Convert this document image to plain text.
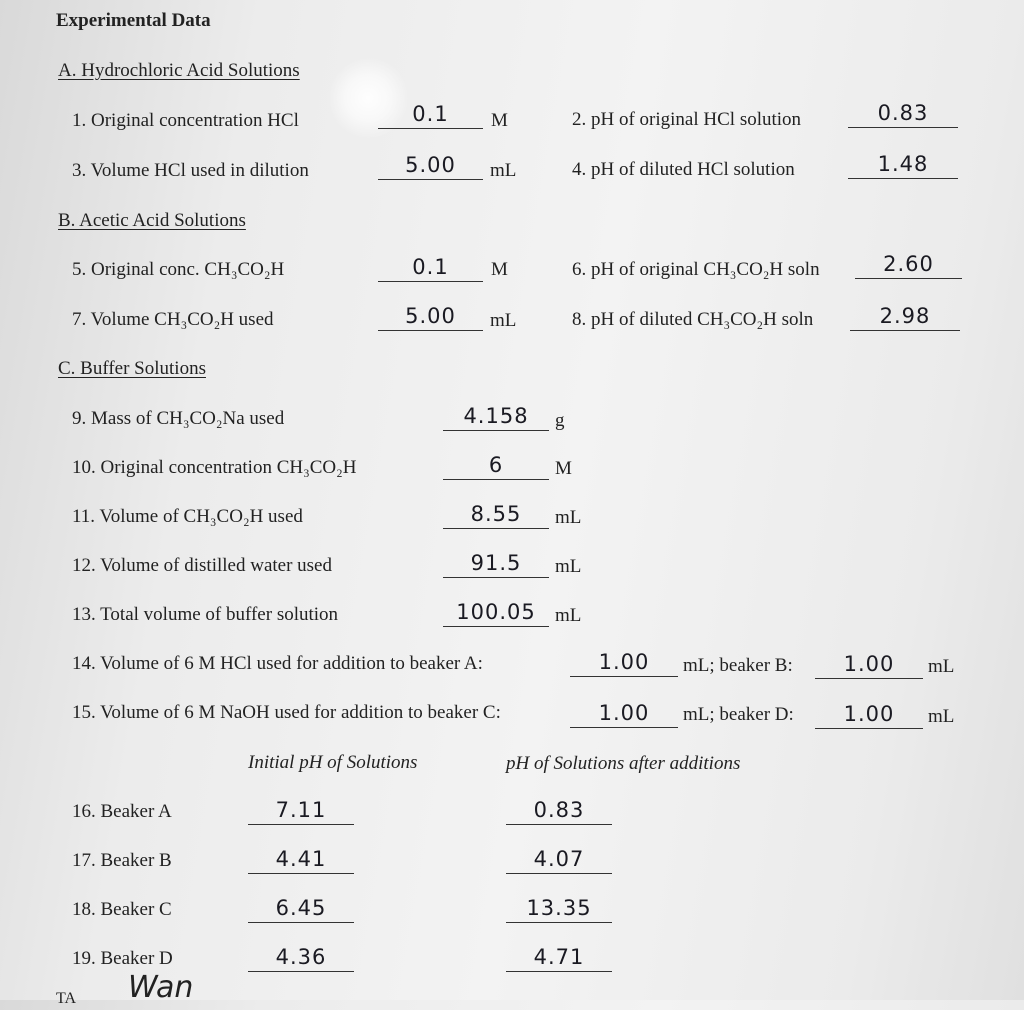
Experimental Data
A. Hydrochloric Acid Solutions
1. Original concentration HCl	0.1	M	2. pH of original HCl solution	0.83
3. Volume HCl used in dilution	5.00	mL	4. pH of diluted HCl solution	1.48
B. Acetic Acid Solutions
5. Original conc. CH₃CO₂H	0.1	M	6. pH of original CH₃CO₂H soln	2.60
7. Volume CH₃CO₂H used	5.00	mL	8. pH of diluted CH₃CO₂H soln	2.98
C. Buffer Solutions
9. Mass of CH₃CO₂Na used	4.158	g
10. Original concentration CH₃CO₂H	6	M
11. Volume of CH₃CO₂H used	8.55	mL
12. Volume of distilled water used	91.5	mL
13. Total volume of buffer solution	100.05	mL
14. Volume of 6 M HCl used for addition to beaker A:	1.00	mL; beaker B:	1.00	mL
15. Volume of 6 M NaOH used for addition to beaker C:	1.00	mL; beaker D:	1.00	mL
Initial pH of Solutions	pH of Solutions after additions
16. Beaker A	7.11	0.83
17. Beaker B	4.41	4.07
18. Beaker C	6.45	13.35
19. Beaker D	4.36	4.71
TA Wan
